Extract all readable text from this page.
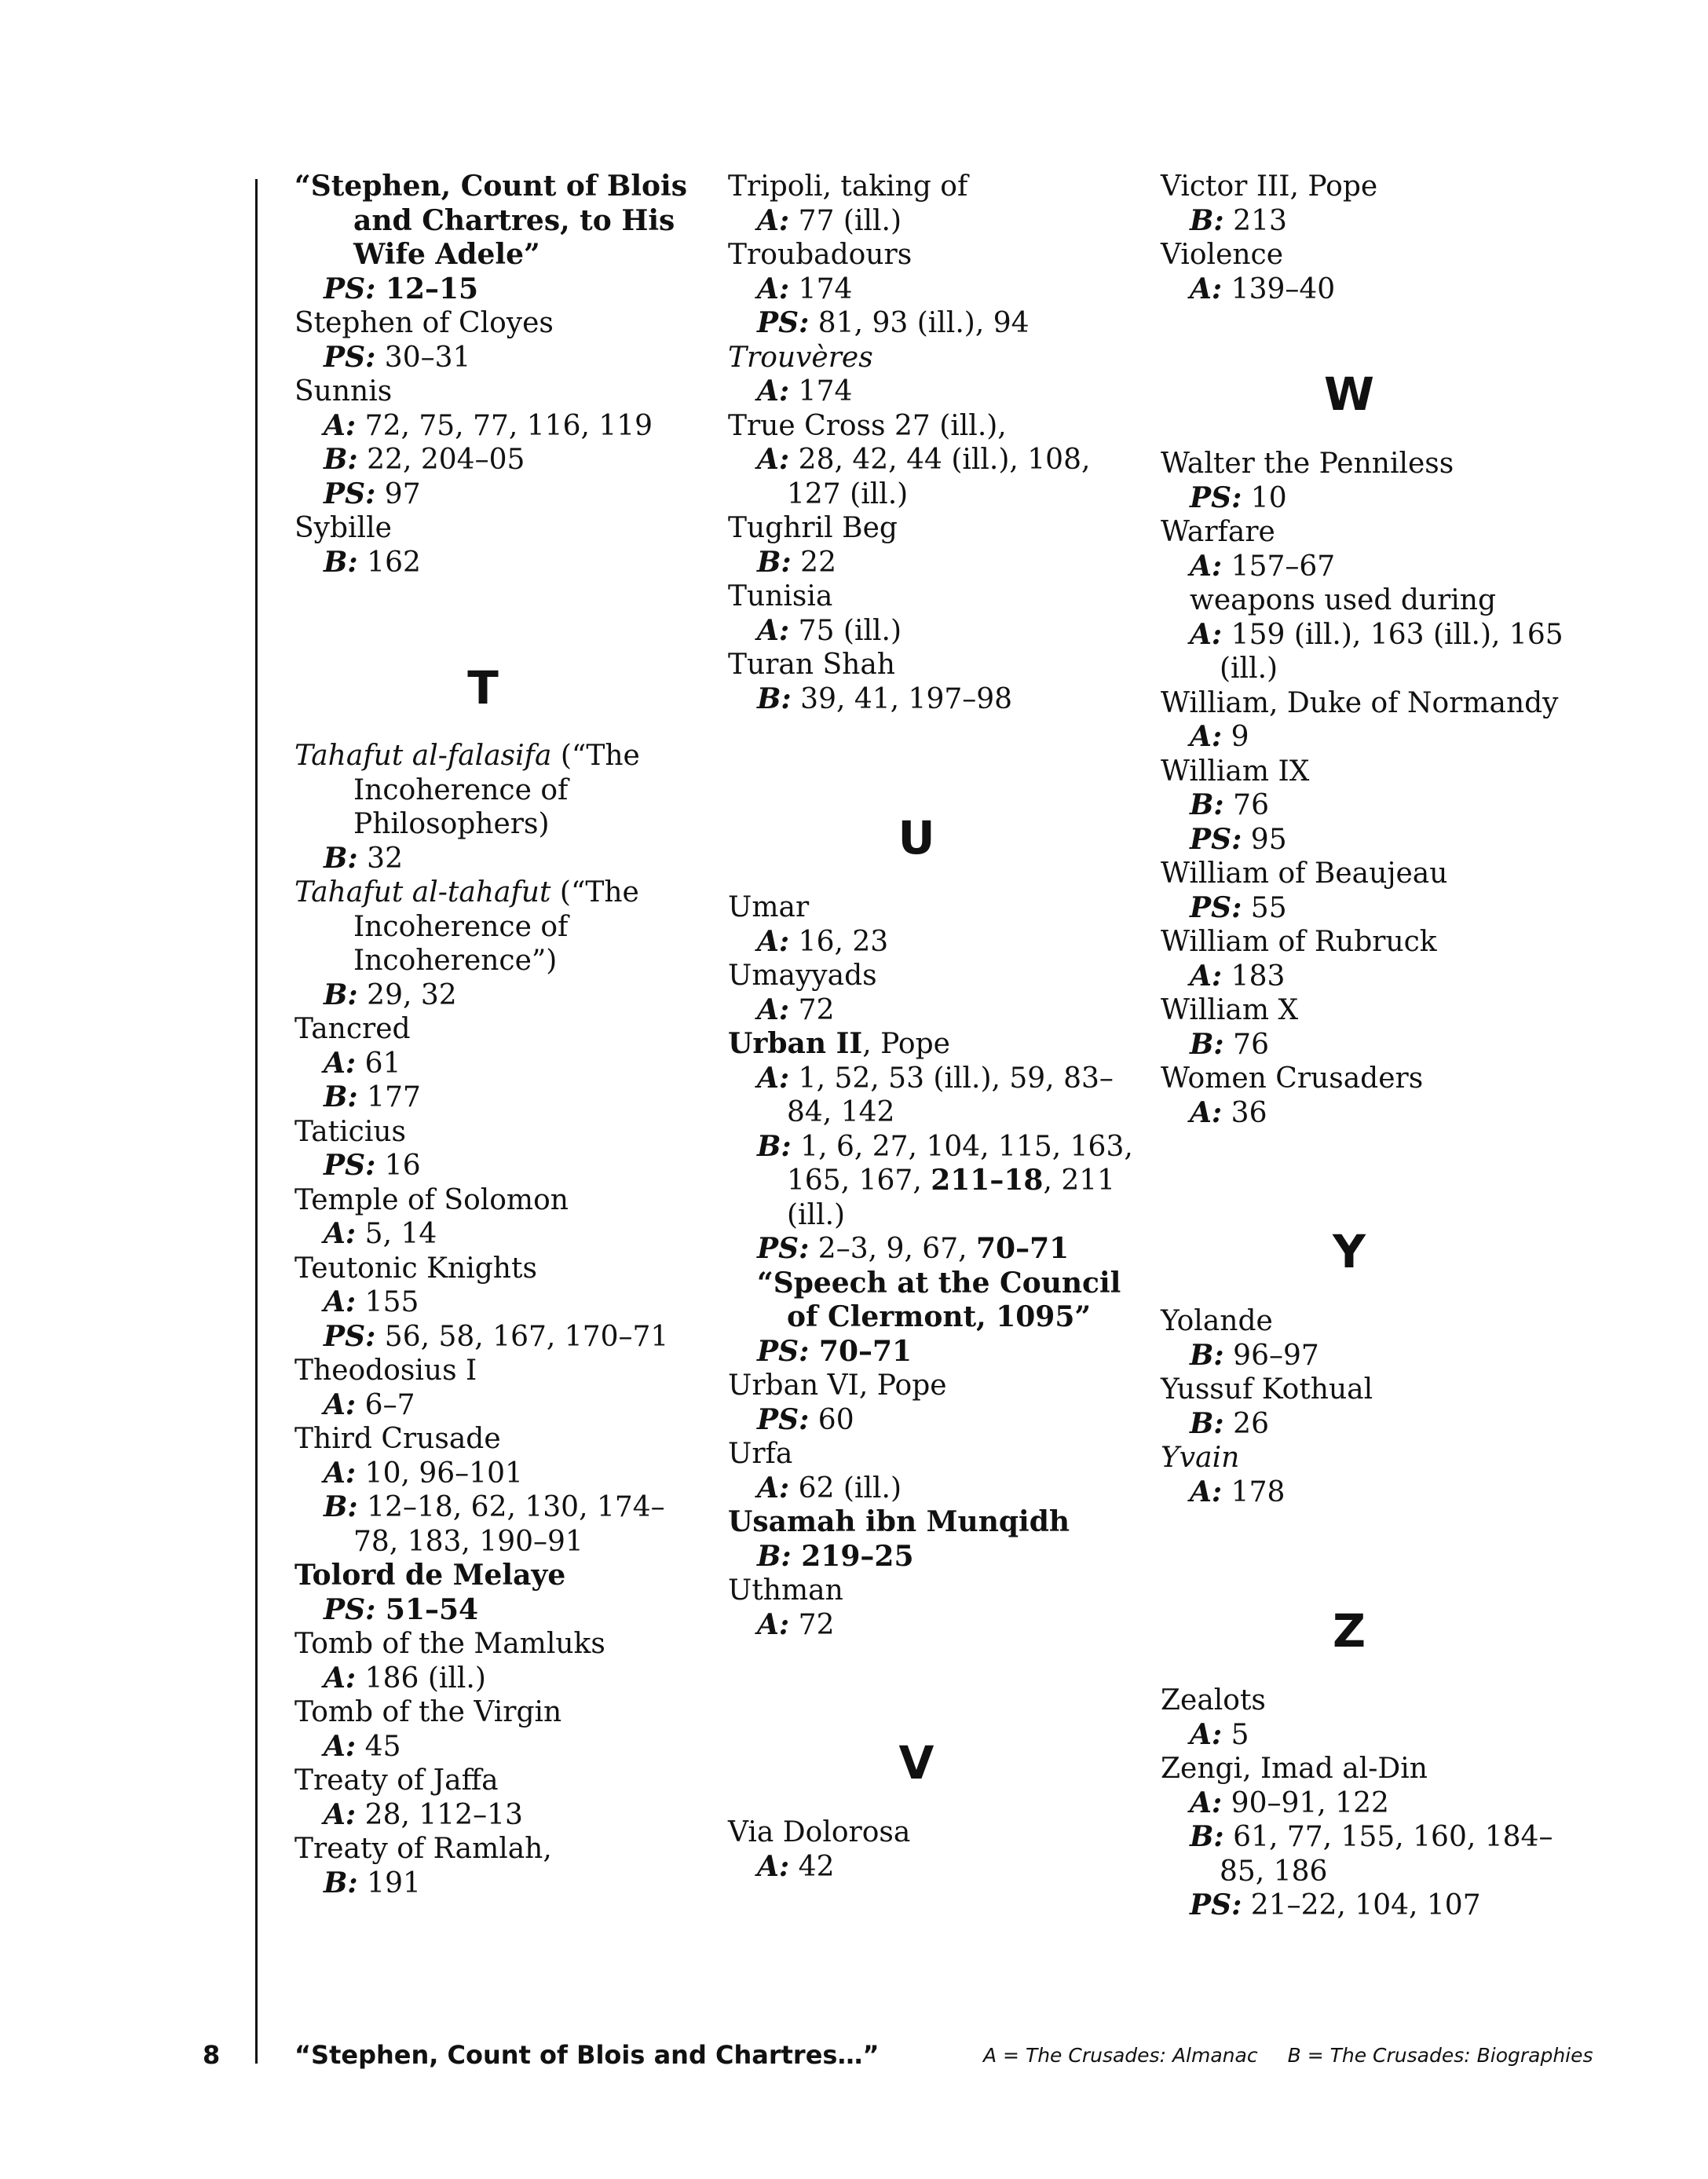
“Stephen, Count of Blois and Chartres, to His Wife Adele”
PS: 12–15
Stephen of Cloyes
PS: 30–31
Sunnis
A: 72, 75, 77, 116, 119
B: 22, 204–05
PS: 97
Sybille
B: 162
T
Tahafut al-falasifa (“The Incoherence of Philosophers)
B: 32
Tahafut al-tahafut (“The Incoherence of Incoherence”)
B: 29, 32
Tancred
A: 61
B: 177
Taticius
PS: 16
Temple of Solomon
A: 5, 14
Teutonic Knights
A: 155
PS: 56, 58, 167, 170–71
Theodosius I
A: 6–7
Third Crusade
A: 10, 96–101
B: 12–18, 62, 130, 174–78, 183, 190–91
Tolord de Melaye
PS: 51–54
Tomb of the Mamluks
A: 186 (ill.)
Tomb of the Virgin
A: 45
Treaty of Jaffa
A: 28, 112–13
Treaty of Ramlah,
B: 191
Tripoli, taking of
A: 77 (ill.)
Troubadours
A: 174
PS: 81, 93 (ill.), 94
Trouvères
A: 174
True Cross 27 (ill.),
A: 28, 42, 44 (ill.), 108, 127 (ill.)
Tughril Beg
B: 22
Tunisia
A: 75 (ill.)
Turan Shah
B: 39, 41, 197–98
U
Umar
A: 16, 23
Umayyads
A: 72
Urban II, Pope
A: 1, 52, 53 (ill.), 59, 83–84, 142
B: 1, 6, 27, 104, 115, 163, 165, 167, 211–18, 211 (ill.)
PS: 2–3, 9, 67, 70–71
“Speech at the Council of Clermont, 1095”
PS: 70–71
Urban VI, Pope
PS: 60
Urfa
A: 62 (ill.)
Usamah ibn Munqidh
B: 219–25
Uthman
A: 72
V
Via Dolorosa
A: 42
Victor III, Pope
B: 213
Violence
A: 139–40
W
Walter the Penniless
PS: 10
Warfare
A: 157–67
weapons used during
A: 159 (ill.), 163 (ill.), 165 (ill.)
William, Duke of Normandy
A: 9
William IX
B: 76
PS: 95
William of Beaujeau
PS: 55
William of Rubruck
A: 183
William X
B: 76
Women Crusaders
A: 36
Y
Yolande
B: 96–97
Yussuf Kothual
B: 26
Yvain
A: 178
Z
Zealots
A: 5
Zengi, Imad al-Din
A: 90–91, 122
B: 61, 77, 155, 160, 184–85, 186
PS: 21–22, 104, 107
8	“Stephen, Count of Blois and Chartres…”	A = The Crusades: Almanac B = The Crusades: Biographies
